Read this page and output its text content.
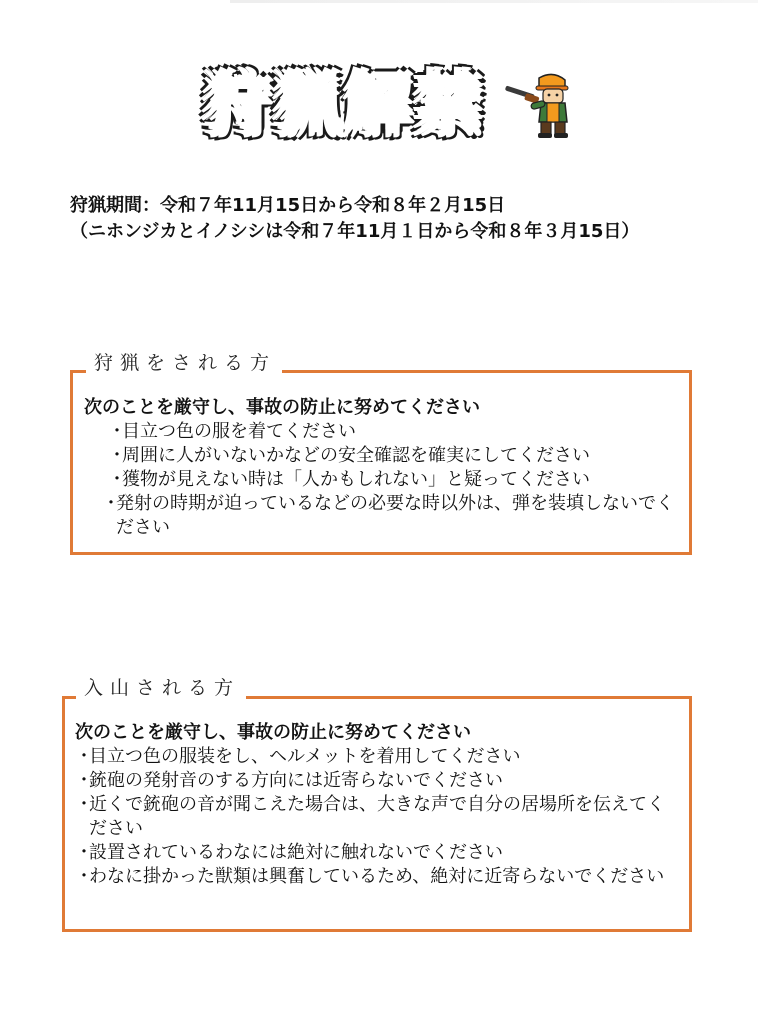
狩猟解禁
狩猟期間：令和７年11月15日から令和８年２月15日
（ニホンジカとイノシシは令和７年11月１日から令和８年３月15日）

次のことを厳守し、事故の防止に努めてください

・
目立つ色の服を着てください
・
周囲に人がいないかなどの安全確認を確実にしてください
・
獲物が見えない時は「人かもしれない」と疑ってください
・
発射の時期が迫っているなどの必要な時以外は、弾を装填しないでください
狩猟をされる方

次のことを厳守し、事故の防止に努めてください

・
目立つ色の服装をし、ヘルメットを着用してください
・
銃砲の発射音のする方向には近寄らないでください
・
近くで銃砲の音が聞こえた場合は、大きな声で自分の居場所を伝えてください
・
設置されているわなには絶対に触れないでください
・
わなに掛かった獣類は興奮しているため、絶対に近寄らないでください
入山される方
